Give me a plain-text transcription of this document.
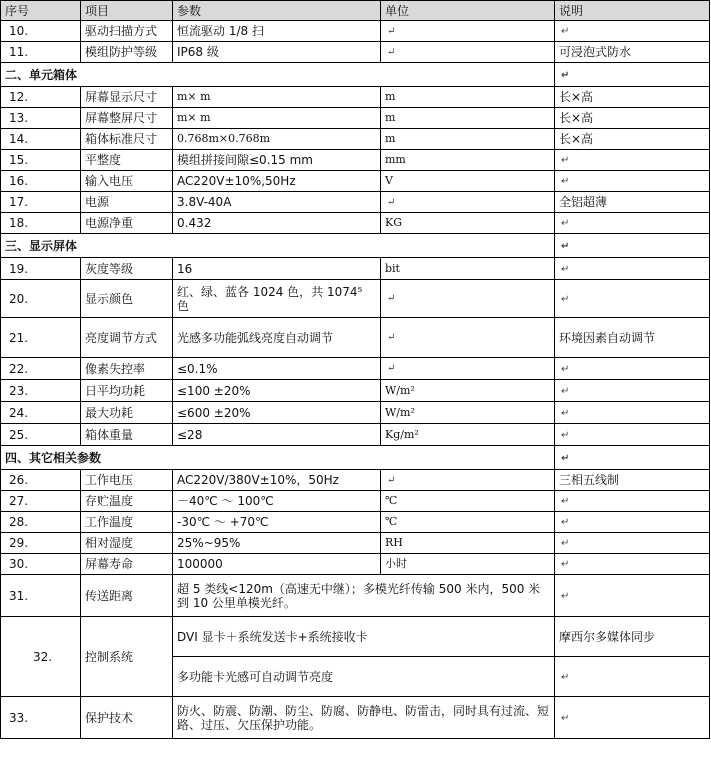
序号	项目	参数	单位	说明
10.	驱动扫描方式	恒流驱动 1/8 扫	↵	↵
11.	模组防护等级	IP68 级	↵	可浸泡式防水
二、单元箱体				↵
12.	屏幕显示尺寸	m× m	m	长×高
13.	屏幕整屏尺寸	m× m	m	长×高
14.	箱体标准尺寸	0.768m×0.768m	m	长×高
15.	平整度	模组拼接间隙≤0.15 mm	mm	↵
16.	输入电压	AC220V±10%,50Hz	V	↵
17.	电源	3.8V-40A	↵	全铝超薄
18.	电源净重	0.432	KG	↵
三、显示屏体				↵
19.	灰度等级	16	bit	↵
20.	显示颜色	红、绿、蓝各 1024 色，共 1074⁵ 色	↵	↵
21.	亮度调节方式	光感多功能弧线亮度自动调节	↵	环境因素自动调节
22.	像素失控率	≤0.1%	↵	↵
23.	日平均功耗	≤100 ±20%	W/m²	↵
24.	最大功耗	≤600 ±20%	W/m²	↵
25.	箱体重量	≤28	Kg/m²	↵
四、其它相关参数				↵
26.	工作电压	AC220V/380V±10%，50Hz	↵	三相五线制
27.	存贮温度	－40℃ ～ 100℃	℃	↵
28.	工作温度	-30℃ ～ +70℃	℃	↵
29.	相对湿度	25%~95%	RH	↵
30.	屏幕寿命	100000	小时	↵
31.	传送距离	超 5 类线<120m（高速无中继）；多模光纤传输 500 米内，500 米到 10 公里单模光纤。		↵
32.	控制系统	DVI 显卡＋系统发送卡+系统接收卡		摩西尔多媒体同步
		多功能卡光感可自动调节亮度		↵
33.	保护技术	防火、防震、防潮、防尘、防腐、防静电、防雷击，同时具有过流、短路、过压、欠压保护功能。		↵
